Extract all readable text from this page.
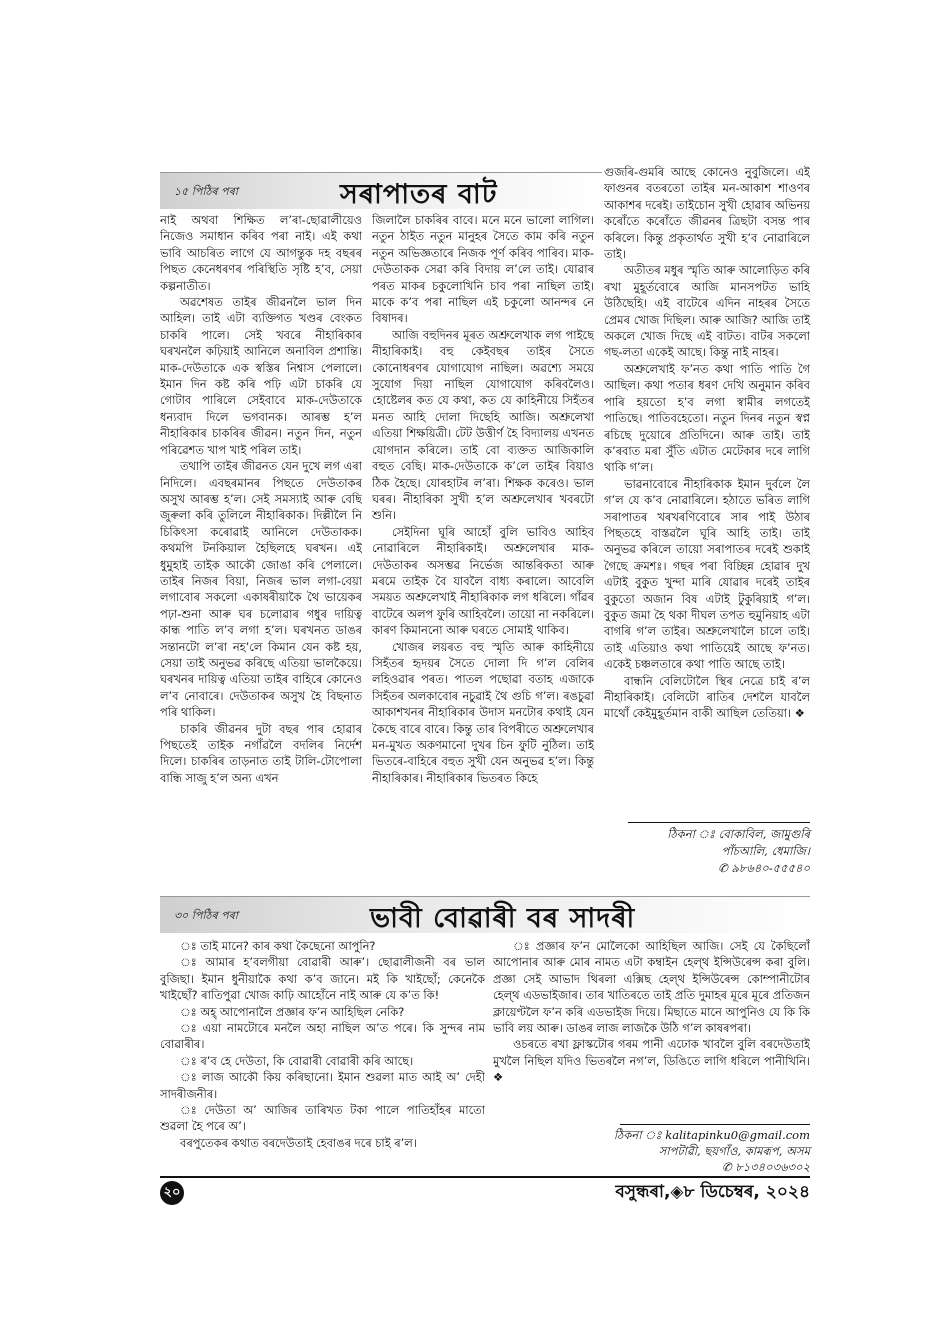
১৫ পিঠিৰ পৰা	সৰাপাতৰ বাট

নাই অথবা শিক্ষিত ল’ৰা-ছোৱালীয়েও নিজেও সমাধান কৰিব পৰা নাই। এই কথা ভাবি আচৰিত লাগে যে আগন্তুক দহ বছৰৰ পিছত কেনেধৰণৰ পৰিস্থিতি সৃষ্টি হ’ব, সেয়া কল্পনাতীত।

অৱশেষত তাইৰ জীৱনলৈ ভাল দিন আহিল। তাই এটা ব্যক্তিগত খণ্ডৰ বেংকত চাকৰি পালে। সেই খবৰে নীহাৰিকাৰ ঘৰখনলৈ কঢ়িয়াই আনিলে অনাবিল প্ৰশান্তি। মাক-দেউতাকে এক স্বস্তিৰ নিশ্বাস পেলালে। ইমান দিন কষ্ট কৰি পঢ়ি এটা চাকৰি যে গোটাব পাৰিলে সেইবাবে মাক-দেউতাকে ধন্যবাদ দিলে ভগবানক। আৰম্ভ হ’ল নীহাৰিকাৰ চাকৰিৰ জীৱন। নতুন দিন, নতুন পৰিৱেশত খাপ খাই পৰিল তাই।

তথাপি তাইৰ জীৱনত যেন দুখে লগ এৰা নিদিলে। এবছৰমানৰ পিছতে দেউতাকৰ অসুখ আৰম্ভ হ’ল। সেই সমস্যাই আৰু বেছি জুৰুলা কৰি তুলিলে নীহাৰিকাক। দিল্লীলৈ নি চিকিৎসা কৰোৱাই আনিলে দেউতাকক। কথমপি টনকিয়াল হৈছিলহে ঘৰখন। এই ধুমুহাই তাইক আকৌ জোঙা কৰি পেলালে। তাইৰ নিজৰ বিয়া, নিজৰ ভাল লগা-বেয়া লগাবোৰ সকলো একাষৰীয়াকৈ থৈ ভায়েকৰ পঢ়া-শুনা আৰু ঘৰ চলোৱাৰ গধুৰ দায়িত্ব কান্ধ পাতি ল’ব লগা হ’ল। ঘৰখনত ডাঙৰ সন্তানটো ল’ৰা নহ’লে কিমান যেন কষ্ট হয়, সেয়া তাই অনুভৱ কৰিছে এতিয়া ভালকৈয়ে। ঘৰখনৰ দায়িত্ব এতিয়া তাইৰ বাহিৰে কোনেও ল’ব নোবাৰে। দেউতাকৰ অসুখ হৈ বিছনাত পৰি থাকিল।

চাকৰি জীৱনৰ দুটা বছৰ পাৰ হোৱাৰ পিছতেই তাইক নগাঁৱলৈ বদলিৰ নিৰ্দেশ দিলে। চাকৰিৰ তাড়নাত তাই টালি-টোপোলা বান্ধি সাজু হ’ল অন্য এখন

জিলালৈ চাকৰিৰ বাবে। মনে মনে ভালো লাগিল। নতুন ঠাইত নতুন মানুহৰ সৈতে কাম কৰি নতুন নতুন অভিজ্ঞতাৰে নিজক পূৰ্ণ কৰিব পাৰিব। মাক-দেউতাকক সেৱা কৰি বিদায় ল’লে তাই। যোৱাৰ পৰত মাকৰ চকুলোখিনি চাব পৰা নাছিল তাই। মাকে ক’ব পৰা নাছিল এই চকুলো আনন্দৰ নে বিষাদৰ।

আজি বহুদিনৰ মূৰত অশ্ৰুলেখাক লগ পাইছে নীহাৰিকাই। বহু কেইবছৰ তাইৰ সৈতে কোনোধৰণৰ যোগাযোগ নাছিল। অৱশ্যে সময়ে সুযোগ দিয়া নাছিল যোগাযোগ কৰিবলৈও। হোষ্টেলৰ কত যে কথা, কত যে কাহিনীয়ে সিহঁতৰ মনত আহি দোলা দিছেহি আজি। অশ্ৰুলেখা এতিয়া শিক্ষয়িত্ৰী। টেট উত্তীৰ্ণ হৈ বিদ্যালয় এখনত যোগদান কৰিলে। তাই বো ব্যক্তত আজিকালি বহুত বেছি। মাক-দেউতাকে ক’লে তাইৰ বিয়াও ঠিক হৈছে। যোৰহাটৰ ল’ৰা। শিক্ষক কৰেও। ভাল ঘৰৰ। নীহাৰিকা সুখী হ’ল অশ্ৰুলেখাৰ খবৰটো শুনি।

সেইদিনা ঘূৰি আহোঁ বুলি ভাবিও আহিব নোৱাৰিলে নীহাৰিকাই। অশ্ৰুলেখাৰ মাক-দেউতাকৰ অসম্ভৱ নিৰ্ভেজ আন্তৰিকতা আৰু মৰমে তাইক বৈ যাবলৈ বাধ্য কৰালে। আবেলি সময়ত অশ্ৰুলেখাই নীহাৰিকাক লগ ধৰিলে। গাঁৱৰ বাটেৰে অলপ ফুৰি আহিবলৈ। তায়ো না নকৰিলে। কাৰণ কিমাননো আৰু ঘৰতে সোমাই থাকিব।

খোজৰ লয়ৰত বহু স্মৃতি আৰু কাহিনীয়ে সিহঁতৰ হৃদয়ৰ সৈতে দোলা দি গ’ল বেলিৰ লহিওৱাৰ পৰত। পাতল পছোৱা বতাহ এজাকে সিহঁতৰ অলকাবোৰ নচুৱাই থৈ গুচি গ’ল। ৰঙচুৱা আকাশখনৰ নীহাৰিকাৰ উদাস মনটোৰ কথাই যেন কৈছে বাৰে বাৰে। কিন্তু তাৰ বিপৰীতে অশ্ৰুলেখাৰ মন-মুখত অকণমানো দুখৰ চিন ফুটি নুঠিল। তাই ভিতৰে-বাহিৰে বহুত সুখী যেন অনুভৱ হ’ল। কিন্তু নীহাৰিকাৰ। নীহাৰিকাৰ ভিতৰত কিহে

গুজৰি-গুমৰি আছে কোনেও নুবুজিলে। এই ফাগুনৰ বতৰতো তাইৰ মন-আকাশ শাওণৰ আকাশৰ দৰেই। তাইচোন সুখী হোৱাৰ অভিনয় কৰোঁতে কৰোঁতে জীৱনৰ ত্ৰিছটা বসন্ত পাৰ কৰিলে। কিন্তু প্ৰকৃতাৰ্থত সুখী হ’ব নোৱাৰিলে তাই।

অতীতৰ মধুৰ স্মৃতি আৰু আলোড়িত কৰি ৰখা মুহূৰ্তবোৰে আজি মানসপটত ভাহি উঠিছেহি। এই বাটেৰে এদিন নাহৰৰ সৈতে প্ৰেমৰ খোজ দিছিল। আৰু আজি? আজি তাই অকলে খোজ দিছে এই বাটত। বাটৰ সকলো গছ-লতা একেই আছে। কিন্তু নাই নাহৰ।

অশ্ৰুলেখাই ফ’নত কথা পাতি পাতি গৈ আছিল। কথা পতাৰ ধৰণ দেখি অনুমান কৰিব পাৰি হয়তো হ’ব লগা স্বামীৰ লগতেই পাতিছে। পাতিবহেতো। নতুন দিনৰ নতুন স্বপ্ন ৰচিছে দুয়োৰে প্ৰতিদিনে। আৰু তাই। তাই ক’ৰবাত মৰা সুঁতি এটাত মেটেকাৰ দৰে লাগি থাকি গ’ল।

ভাৱনাবোৰে নীহাৰিকাক ইমান দুৰ্বলে লৈ গ’ল যে ক’ব নোৱাৰিলে। হঠাতে ভৰিত লাগি সৰাপাতৰ খৰখৰণিবোৰে সাৰ পাই উঠাৰ পিছতহে বাস্তৱলৈ ঘূৰি আহি তাই। তাই অনুভৱ কৰিলে তায়ো সৰাপাতৰ দৰেই শুকাই গৈছে ক্ৰমশঃ। গছৰ পৰা বিচ্ছিন্ন হোৱাৰ দুখ এটাই বুকুত খুন্দা মাৰি যোৱাৰ দৰেই তাইৰ বুকুতো অজান বিষ এটাই টুকুৰিয়াই গ’ল। বুকুত জমা হৈ থকা দীঘল তপত হুমুনিয়াহ এটা বাগৰি গ’ল তাইৰ। অশ্ৰুলেখালৈ চালে তাই। তাই এতিয়াও কথা পাতিয়েই আছে ফ’নত। একেই চঞ্চলতাৰে কথা পাতি আছে তাই।

বান্ধনি বেলিটোলৈ স্থিৰ নেত্ৰে চাই ৰ’ল নীহাৰিকাই। বেলিটো ৰাতিৰ দেশলৈ যাবলৈ মাথোঁ কেইমুহূৰ্তমান বাকী আছিল তেতিয়া। ❖

ঠিকনা ঃ বোকাবিল, জামুগুৰি
পাঁচআলি, ধেমাজি।
✆ ৯৮৬৪০-৫৫৫৪০
৩০ পিঠিৰ পৰা	ভাবী বোৱাৰী বৰ সাদৰী

ঃ তাই মানে? কাৰ কথা কৈছেনো আপুনি?

ঃ আমাৰ হ’বলগীয়া বোৱাৰী আৰু’। ছোৱালীজনী বৰ ভাল বুজিছা। ইমান ধুনীয়াকৈ কথা ক’ব জানে। মই কি খাইছোঁ; কেনেকৈ খাইছোঁ? ৰাতিপুৱা খোজ কাঢ়ি আহোঁনে নাই আৰু যে ক’ত কি!

ঃ অহ্ আপোনালৈ প্ৰজ্ঞাৰ ফ’ন আহিছিল নেকি?

ঃ এয়া নামটোৰে মনলৈ অহা নাছিল অ’ত পৰে। কি সুন্দৰ নাম বোৱাৰীৰ।

ঃ ৰ’ব হে দেউতা, কি বোৱাৰী বোৱাৰী কৰি আছে।

ঃ লাজ আকৌ কিয় কৰিছানো। ইমান শুৱলা মাত আই অ’ দেহী সাদৰীজনীৰ।

ঃ দেউতা অ’ আজিৰ তাৰিখত টকা পালে পাতিহাঁহৰ মাতো শুৱলা হৈ পৰে অ’।

বৰপুতেকৰ কথাত বৰদেউতাই হেবাঙৰ দৰে চাই ৰ’ল।

ঃ প্ৰজ্ঞাৰ ফ’ন মোলৈকো আহিছিল আজি। সেই যে কৈছিলোঁ আপোনাৰ আৰু মোৰ নামত এটা কম্বাইন হেল্থ ইন্সিউৰেন্স কৰা বুলি। প্ৰজ্ঞা সেই আভাদ থিৰলা এক্সিছ হেল্থ ইন্সিউৰেন্স কোম্পানীটোৰ হেল্থ এডভাইজাৰ। তাৰ খাতিৰতে তাই প্ৰতি দুমাহৰ মূৰে মূৰে প্ৰতিজন ক্লায়েণ্টলৈ ফ’ন কৰি এডভাইজ দিয়ে। মিছাতে মানে আপুনিও যে কি কি ভাবি লয় আৰু। ডাঙৰ লাজ লাজকৈ উঠি গ’ল কাষৰপৰা।

ওচৰতে ৰখা ফ্লাস্কটোৰ গৰম পানী এঢোক খাবলৈ বুলি বৰদেউতাই মুখলৈ নিছিল যদিও ভিতৰলৈ নগ’ল, ডিঙিতে লাগি ধৰিলে পানীখিনি। ❖

ঠিকনা ঃ kalitapinku0@gmail.com
সাপটাৱী, ছয়গাঁও, কামৰূপ, অসম
✆ ৮১৩৪০৩৬৩০২
২০	বসুন্ধৰা,◈৮ ডিচেম্বৰ, ২০২৪
